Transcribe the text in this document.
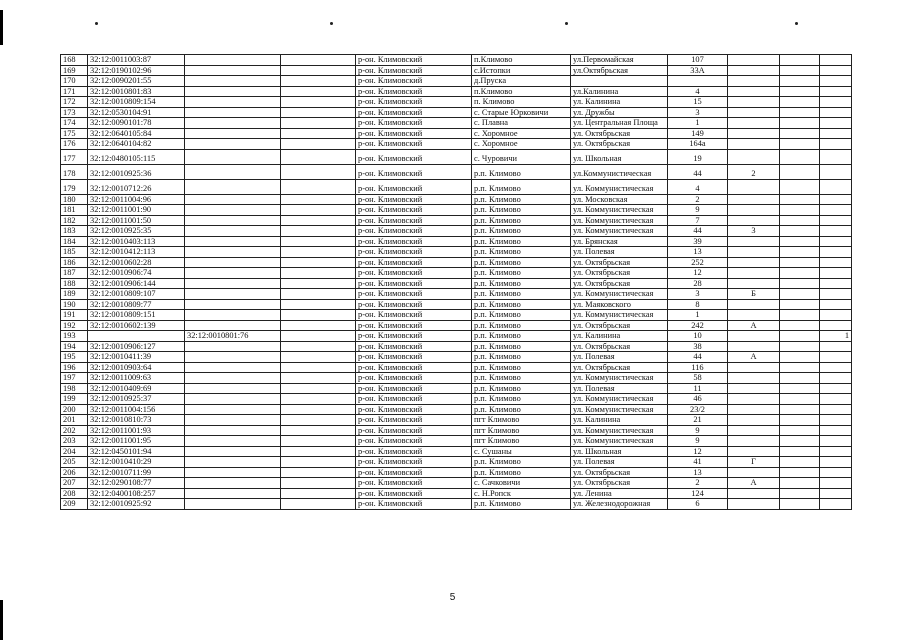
168	32:12:0011003:87			р-он. Климовский	п.Климово	ул.Первомайская	107			
169	32:12:0190102:96			р-он. Климовский	с.Истопки	ул.Октябрьская	33А			
170	32:12:0090201:55			р-он. Климовский	д.Пруска					
171	32:12:0010801:83			р-он. Климовский	п.Климово	ул.Калинина	4			
172	32:12:0010809:154			р-он. Климовский	п. Климово	ул. Калинина	15			
173	32:12:0530104:91			р-он. Климовский	с. Старые Юрковичи	ул. Дружбы	3			
174	32:12:0090101:78			р-он. Климовский	с. Плавна	ул. Центральная Площа	1			
175	32:12:0640105:84			р-он. Климовский	с. Хоромное	ул. Октябрьская	149			
176	32:12:0640104:82			р-он. Климовский	с. Хоромное	ул. Октябрьская	164а			
177	32:12:0480105:115			р-он. Климовский	с. Чуровичи	ул. Школьная	19			
178	32:12:0010925:36			р-он. Климовский	р.п. Климово	ул.Коммунистическая	44	2		
179	32:12:0010712:26			р-он. Климовский	р.п. Климово	ул. Коммунистическая	4			
180	32:12:0011004:96			р-он. Климовский	р.п. Климово	ул. Московская	2			
181	32:12:0011001:90			р-он. Климовский	р.п. Климово	ул. Коммунистическая	9			
182	32:12:0011001:50			р-он. Климовский	р.п. Климово	ул. Коммунистическая	7			
183	32:12:0010925:35			р-он. Климовский	р.п. Климово	ул. Коммунистическая	44	3		
184	32:12:0010403:113			р-он. Климовский	р.п. Климово	ул. Брянская	39			
185	32:12:0010412:113			р-он. Климовский	р.п. Климово	ул. Полевая	13			
186	32:12:0010602:28			р-он. Климовский	р.п. Климово	ул. Октябрьская	252			
187	32:12:0010906:74			р-он. Климовский	р.п. Климово	ул. Октябрьская	12			
188	32:12:0010906:144			р-он. Климовский	р.п. Климово	ул. Октябрьская	28			
189	32:12:0010809:107			р-он. Климовский	р.п. Климово	ул. Коммунистическая	3	Б		
190	32:12:0010809:77			р-он. Климовский	р.п. Климово	ул. Маяковского	8			
191	32:12:0010809:151			р-он. Климовский	р.п. Климово	ул. Коммунистическая	1			
192	32:12:0010602:139			р-он. Климовский	р.п. Климово	ул. Октябрьская	242	А		
193		32:12:0010801:76		р-он. Климовский	р.п. Климово	ул. Калинина	10			1
194	32:12:0010906:127			р-он. Климовский	р.п. Климово	ул. Октябрьская	38			
195	32:12:0010411:39			р-он. Климовский	р.п. Климово	ул. Полевая	44	А		
196	32:12:0010903:64			р-он. Климовский	р.п. Климово	ул. Октябрьская	116			
197	32:12:0011009:63			р-он. Климовский	р.п. Климово	ул. Коммунистическая	58			
198	32:12:0010409:69			р-он. Климовский	р.п. Климово	ул. Полевая	11			
199	32:12:0010925:37			р-он. Климовский	р.п. Климово	ул. Коммунистическая	46			
200	32:12:0011004:156			р-он. Климовский	р.п. Климово	ул. Коммунистическая	23/2			
201	32:12:0010810:73			р-он. Климовский	пгт Климово	ул. Калинина	21			
202	32:12:0011001:93			р-он. Климовский	пгт Климово	ул. Коммунистическая	9			
203	32:12:0011001:95			р-он. Климовский	пгт Климово	ул. Коммунистическая	9			
204	32:12:0450101:94			р-он. Климовский	с. Сушаны	ул. Школьная	12			
205	32:12:0010410:29			р-он. Климовский	р.п. Климово	ул. Полевая	41	Г		
206	32:12:0010711:99			р-он. Климовский	р.п. Климово	ул. Октябрьская	13			
207	32:12:0290108:77			р-он. Климовский	с. Сачковичи	ул. Октябрьская	2	А		
208	32:12:0400108:257			р-он. Климовский	с. Н.Ропск	ул. Ленина	124			
209	32:12:0010925:92			р-он. Климовский	р.п. Климово	ул. Железнодорожная	6			
5
